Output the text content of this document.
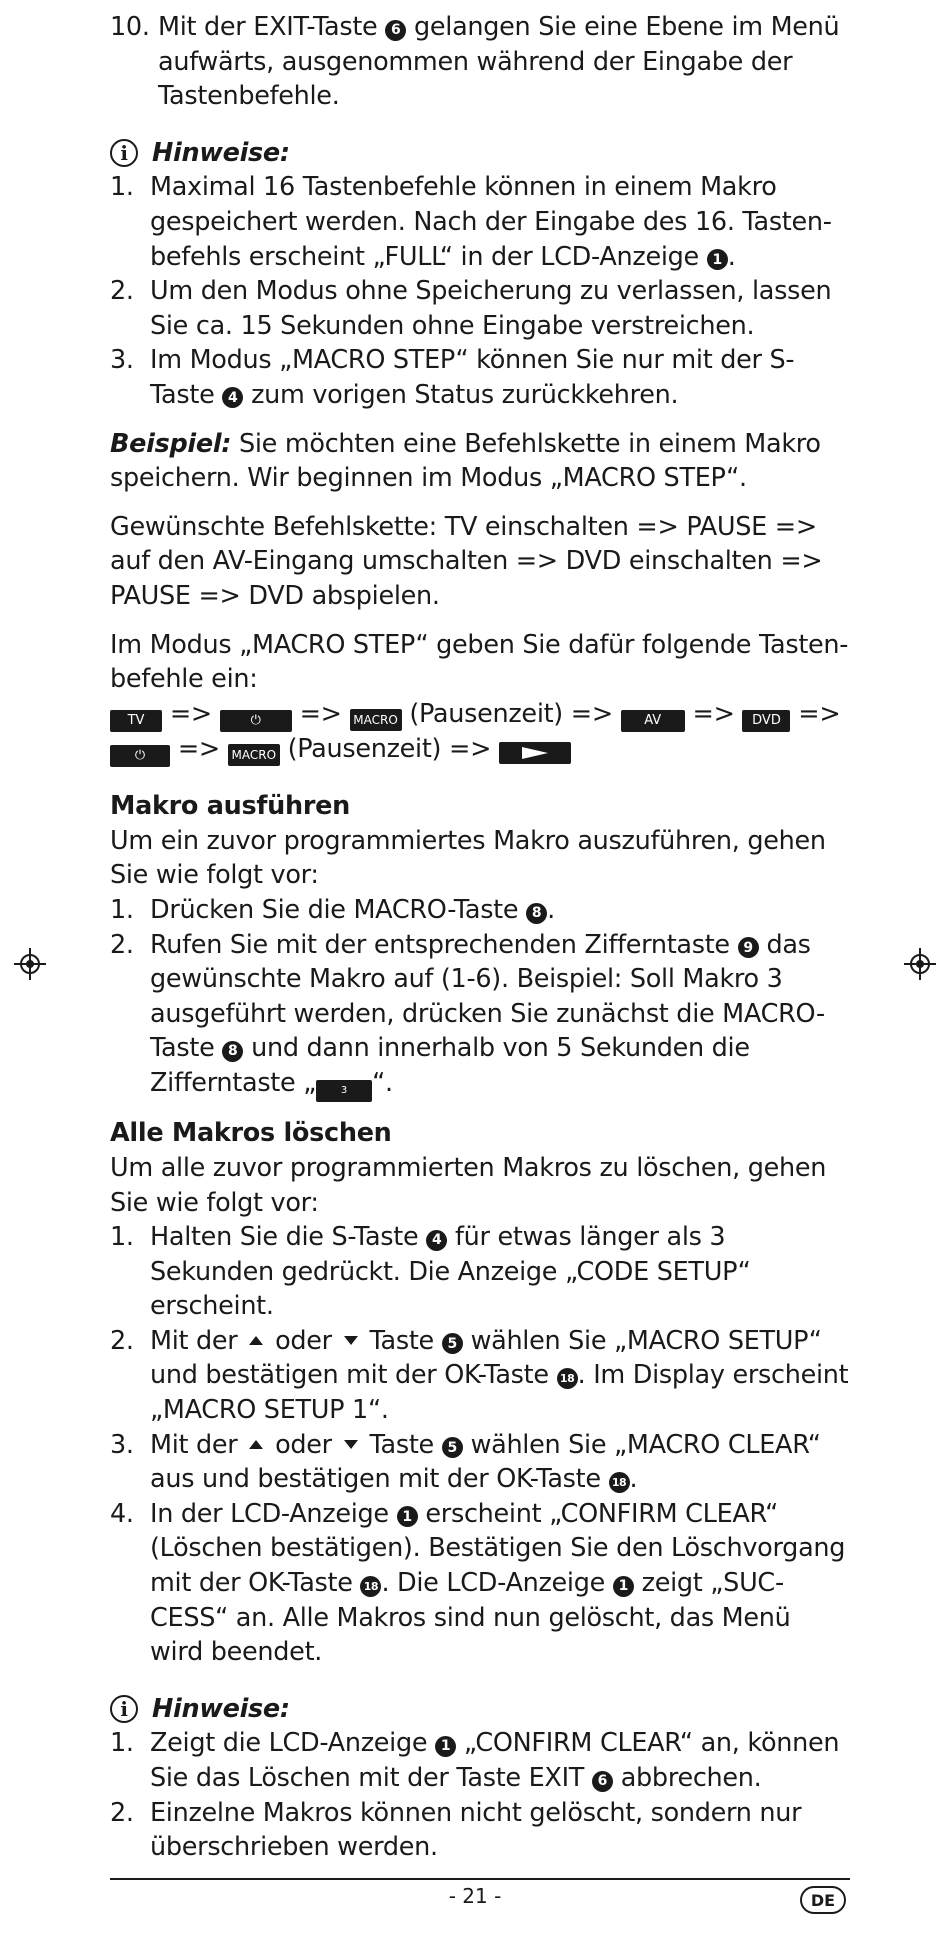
10. Mit der EXIT-Taste 6 gelangen Sie eine Ebene im Menü aufwärts, ausgenommen während der Eingabe der Tastenbefehle.
i Hinweise:
1. Maximal 16 Tastenbefehle können in einem Makro gespeichert werden. Nach der Eingabe des 16. Tastenbefehls erscheint „FULL“ in der LCD-Anzeige 1 .
2. Um den Modus ohne Speicherung zu verlassen, lassen Sie ca. 15 Sekunden ohne Eingabe verstreichen.
3. Im Modus „MACRO STEP“ können Sie nur mit der S-Taste 4 zum vorigen Status zurückkehren.

Beispiel: Sie möchten eine Befehlskette in einem Makro speichern. Wir beginnen im Modus „MACRO STEP“.

Gewünschte Befehlskette: TV einschalten => PAUSE => auf den AV-Eingang umschalten => DVD einschalten => PAUSE => DVD abspielen.

Im Modus „MACRO STEP“ geben Sie dafür folgende Tastenbefehle ein:

TV =>	⏻ => MACRO (Pausenzeit) => AV => DVD =>
⏻ => MACRO (Pausenzeit) =>

Makro ausführen

Um ein zuvor programmiertes Makro auszuführen, gehen Sie wie folgt vor:

1. Drücken Sie die MACRO-Taste 8 .
2. Rufen Sie mit der entsprechenden Zifferntaste 9 das gewünschte Makro auf (1-6). Beispiel: Soll Makro 3 ausgeführt werden, drücken Sie zunächst die MACRO-Taste 8 und dann innerhalb von 5 Sekunden die Zifferntaste „ 3 “.
Alle Makros löschen

Um alle zuvor programmierten Makros zu löschen, gehen Sie wie folgt vor:

1. Halten Sie die S-Taste 4 für etwas länger als 3 Sekunden gedrückt. Die Anzeige „CODE SETUP“ erscheint.
2. Mit der oder Taste 5 wählen Sie „MACRO SETUP“ und bestätigen mit der OK-Taste 18 . Im Display erscheint „MACRO SETUP 1“.
3. Mit der oder Taste 5 wählen Sie „MACRO CLEAR“ aus und bestätigen mit der OK-Taste 18 .
4. In der LCD-Anzeige 1 erscheint „CONFIRM CLEAR“ (Löschen bestätigen). Bestätigen Sie den Löschvorgang mit der OK-Taste 18 . Die LCD-Anzeige 1 zeigt „SUCCESS“ an. Alle Makros sind nun gelöscht, das Menü wird beendet.
i Hinweise:
1. Zeigt die LCD-Anzeige 1 „CONFIRM CLEAR“ an, können Sie das Löschen mit der Taste EXIT 6 abbrechen.
2. Einzelne Makros können nicht gelöscht, sondern nur überschrieben werden.
- 21 -	DE
